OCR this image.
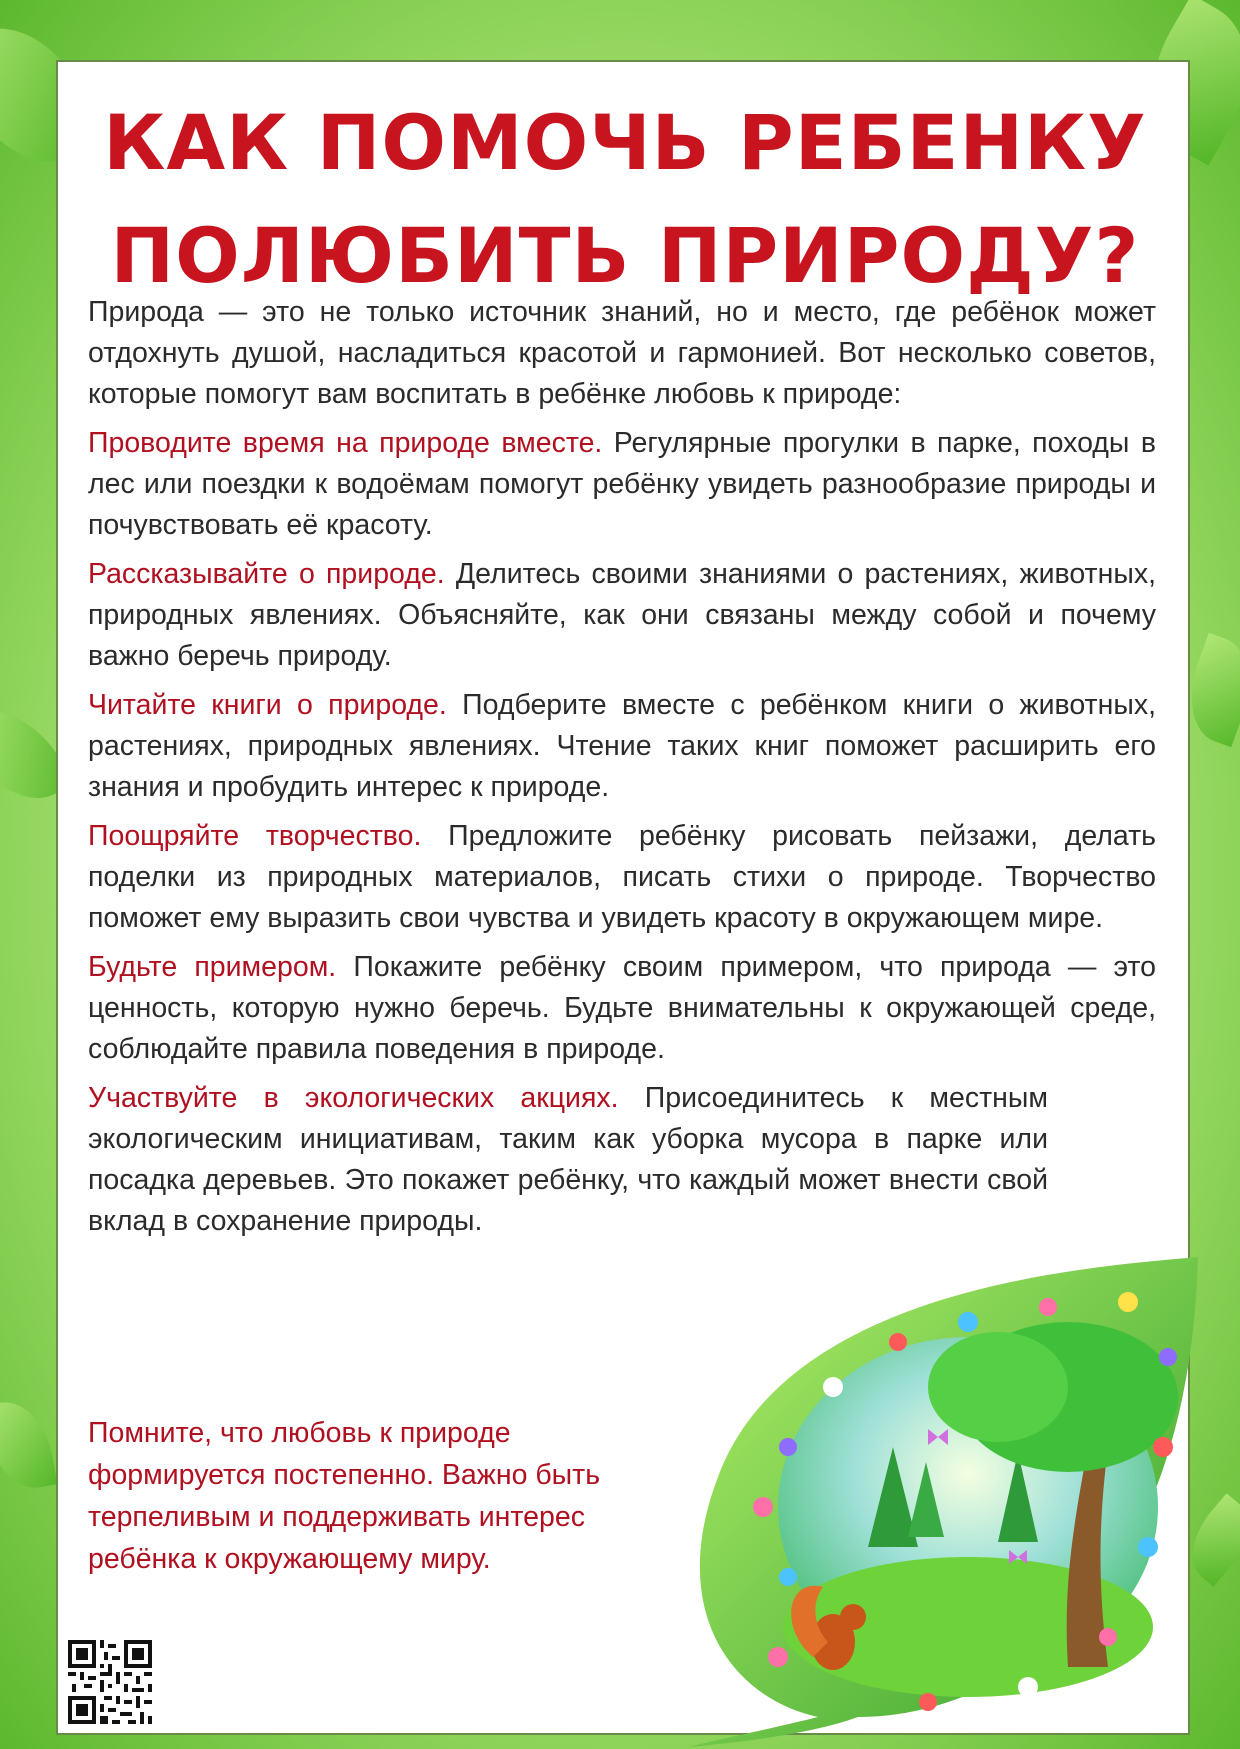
КАК ПОМОЧЬ РЕБЕНКУ
ПОЛЮБИТЬ ПРИРОДУ?

Природа — это не только источник знаний, но и место, где ребёнок может отдохнуть душой, насладиться красотой и гармонией. Вот несколько советов, которые помогут вам воспитать в ребёнке любовь к природе:

Проводите время на природе вместе. Регулярные прогулки в парке, походы в лес или поездки к водоёмам помогут ребёнку увидеть разнообразие природы и почувствовать её красоту.

Рассказывайте о природе. Делитесь своими знаниями о растениях, животных, природных явлениях. Объясняйте, как они связаны между собой и почему важно беречь природу.

Читайте книги о природе. Подберите вместе с ребёнком книги о животных, растениях, природных явлениях. Чтение таких книг поможет расширить его знания и пробудить интерес к природе.

Поощряйте творчество. Предложите ребёнку рисовать пейзажи, делать поделки из природных материалов, писать стихи о природе. Творчество поможет ему выразить свои чувства и увидеть красоту в окружающем мире.

Будьте примером. Покажите ребёнку своим примером, что природа — это ценность, которую нужно беречь. Будьте внимательны к окружающей среде, соблюдайте правила поведения в природе.

Участвуйте в экологических акциях. Присоединитесь к местным экологическим инициативам, таким как уборка мусора в парке или посадка деревьев. Это покажет ребёнку, что каждый может внести свой вклад в сохранение природы.

Помните, что любовь к природе формируется постепенно. Важно быть терпеливым и поддерживать интерес ребёнка к окружающему миру.
